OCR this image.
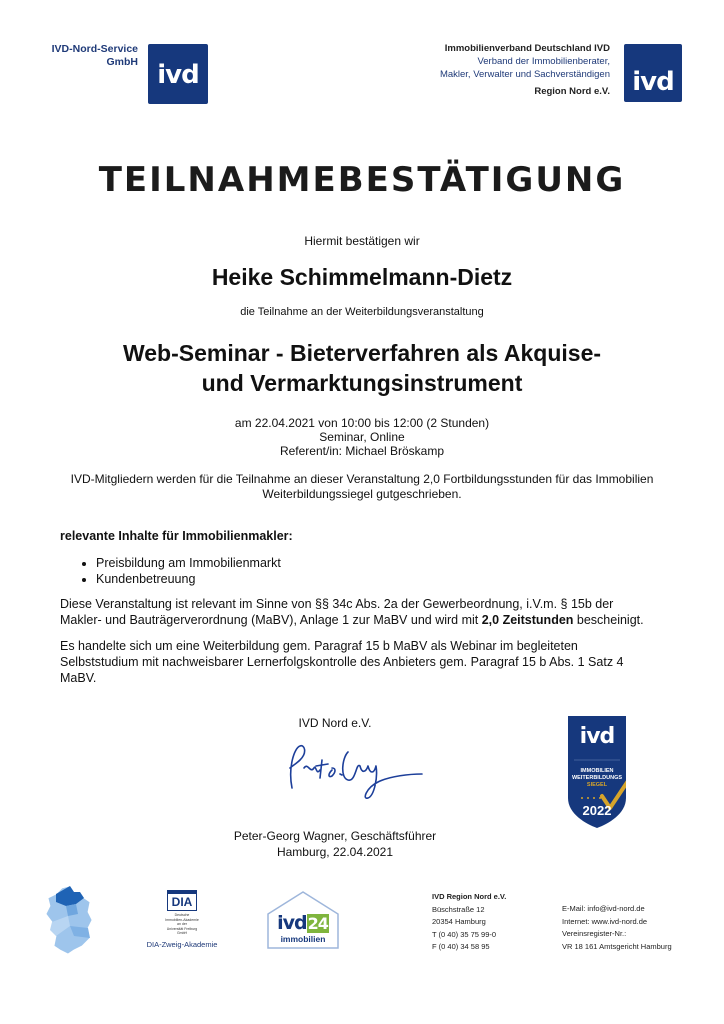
IVD-Nord-Service
GmbH ivd
Immobilienverband Deutschland IVD
Verband der Immobilienberater,
Makler, Verwalter und Sachverständigen
Region Nord e.V. ivd
TEILNAHMEBESTÄTIGUNG
Hiermit bestätigen wir
Heike Schimmelmann-Dietz
die Teilnahme an der Weiterbildungsveranstaltung
Web-Seminar - Bieterverfahren als Akquise-
und Vermarktungsinstrument
am 22.04.2021 von 10:00 bis 12:00 (2 Stunden)
Seminar, Online
Referent/in: Michael Bröskamp
IVD-Mitgliedern werden für die Teilnahme an dieser Veranstaltung 2,0 Fortbildungsstunden für das Immobilien
Weiterbildungssiegel gutgeschrieben.
relevante Inhalte für Immobilienmakler:
• Preisbildung am Immobilienmarkt
• Kundenbetreuung
Diese Veranstaltung ist relevant im Sinne von §§ 34c Abs. 2a der Gewerbeordnung, i.V.m. § 15b der
Makler- und Bauträgerverordnung (MaBV), Anlage 1 zur MaBV und wird mit 2,0 Zeitstunden bescheinigt.
Es handelte sich um eine Weiterbildung gem. Paragraf 15 b MaBV als Webinar im begleiteten
Selbststudium mit nachweisbarer Lernerfolgskontrolle des Anbieters gem. Paragraf 15 b Abs. 1 Satz 4
MaBV.
IVD Nord e.V.
Peter-Georg Wagner, Geschäftsführer
Hamburg, 22.04.2021
ivd
IMMOBILIEN
WEITERBILDUNGS
SIEGEL
2022
DIA
Deutsche
Immobilien-Akademie
an der
Universität Freiburg
GmbH
DIA-Zweig-Akademie
ivd24
immobilien
IVD Region Nord e.V.
Büschstraße 12
20354 Hamburg
T (0 40) 35 75 99-0
F (0 40) 34 58 95
E-Mail: info@ivd-nord.de
Internet: www.ivd-nord.de
Vereinsregister-Nr.:
VR 18 161 Amtsgericht Hamburg
